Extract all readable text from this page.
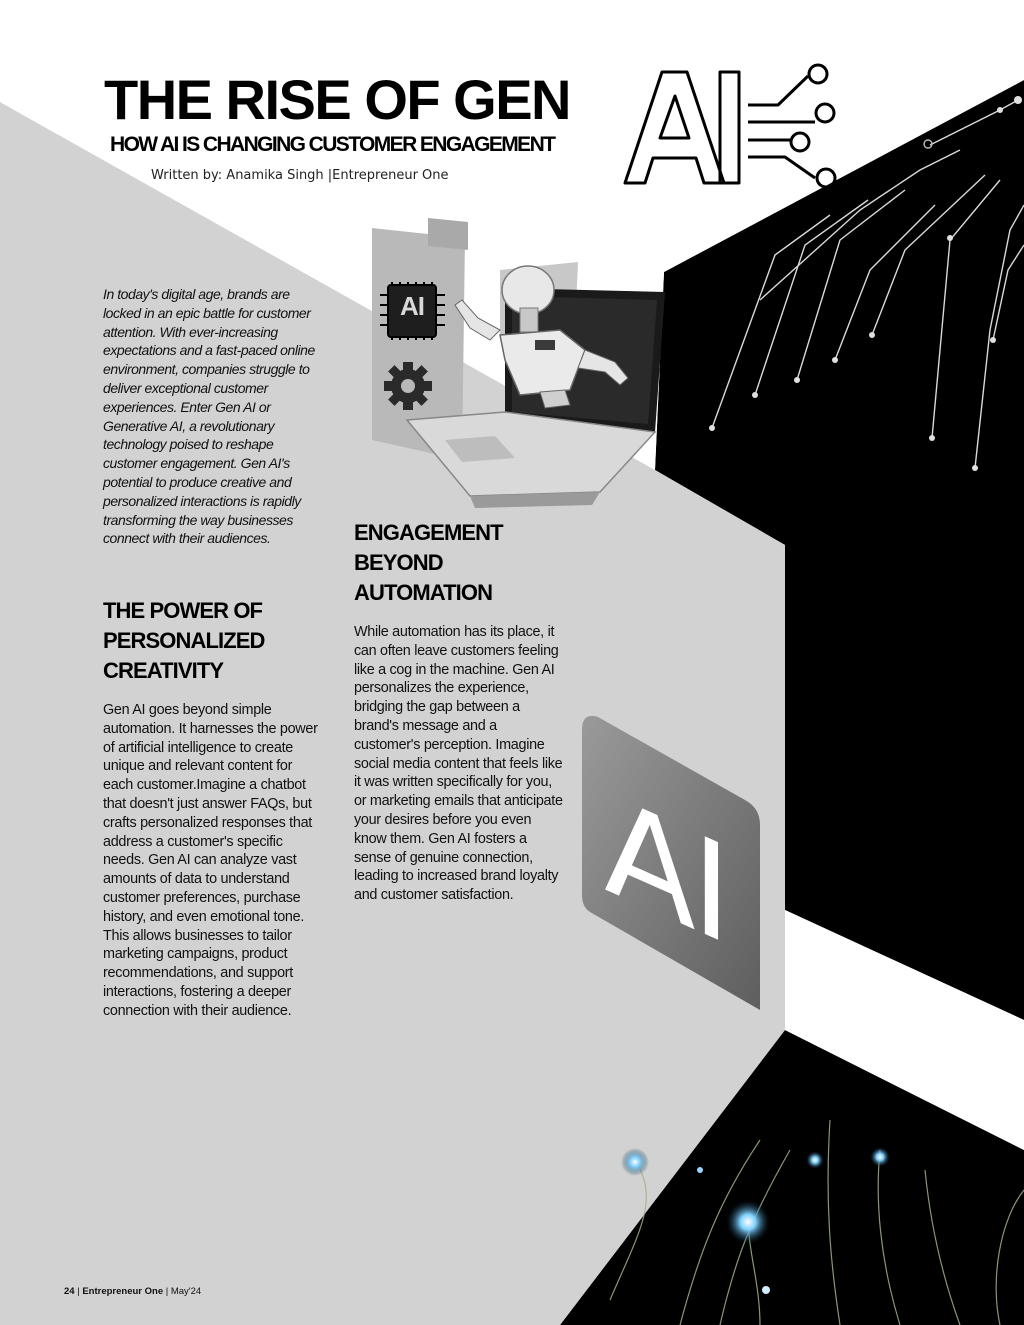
AI
AI
THE RISE OF GEN
HOW AI IS CHANGING CUSTOMER ENGAGEMENT

Written by: Anamika Singh |Entrepreneur One

In today's digital age, brands are locked in an epic battle for customer attention. With ever-increasing expectations and a fast-paced online environment, companies struggle to deliver exceptional customer experiences. Enter Gen AI or Generative AI, a revolutionary technology poised to reshape customer engagement. Gen AI's potential to produce creative and personalized interactions is rapidly transforming the way businesses connect with their audiences.

THE POWER OF PERSONALIZED CREATIVITY

Gen AI goes beyond simple automation. It harnesses the power of artificial intelligence to create unique and relevant content for each customer.Imagine a chatbot that doesn't just answer FAQs, but crafts personalized responses that address a customer's specific needs. Gen AI can analyze vast amounts of data to understand customer preferences, purchase history, and even emotional tone. This allows businesses to tailor marketing campaigns, product recommendations, and support interactions, fostering a deeper connection with their audience.

ENGAGEMENT BEYOND AUTOMATION

While automation has its place, it can often leave customers feeling like a cog in the machine. Gen AI personalizes the experience, bridging the gap between a brand's message and a customer's perception. Imagine social media content that feels like it was written specifically for you, or marketing emails that anticipate your desires before you even know them. Gen AI fosters a sense of genuine connection, leading to increased brand loyalty and customer satisfaction.

24 | Entrepreneur One | May'24
